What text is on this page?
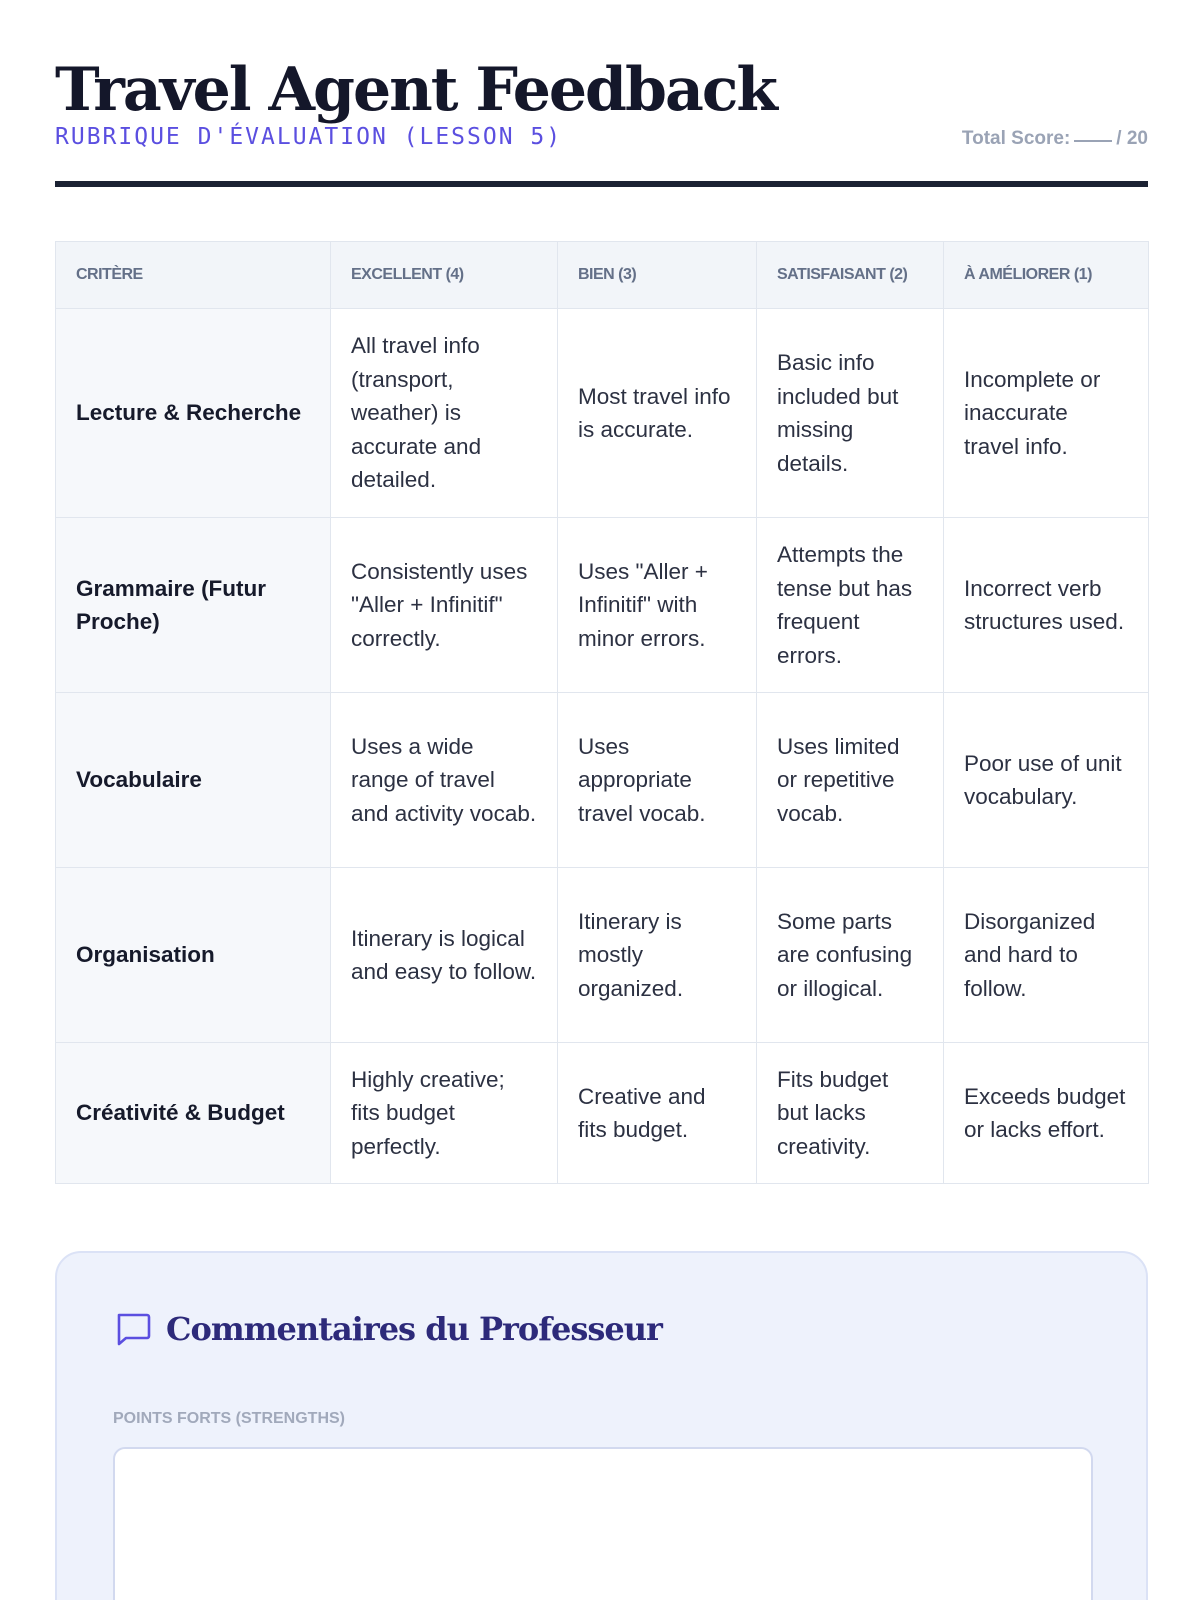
Travel Agent Feedback
RUBRIQUE D'ÉVALUATION (LESSON 5)	Total Score: / 20
CRITÈRE	EXCELLENT (4)	BIEN (3)	SATISFAISANT (2)	À AMÉLIORER (1)
Lecture & Recherche	All travel info (transport, weather) is accurate and detailed.	Most travel info is accurate.	Basic info included but missing details.	Incomplete or inaccurate travel info.
Grammaire (Futur Proche)	Consistently uses "Aller + Infinitif" correctly.	Uses "Aller + Infinitif" with minor errors.	Attempts the tense but has frequent errors.	Incorrect verb structures used.
Vocabulaire	Uses a wide range of travel and activity vocab.	Uses appropriate travel vocab.	Uses limited or repetitive vocab.	Poor use of unit vocabulary.
Organisation	Itinerary is logical and easy to follow.	Itinerary is mostly organized.	Some parts are confusing or illogical.	Disorganized and hard to follow.
Créativité & Budget	Highly creative; fits budget perfectly.	Creative and fits budget.	Fits budget but lacks creativity.	Exceeds budget or lacks effort.
Commentaires du Professeur
POINTS FORTS (STRENGTHS)
